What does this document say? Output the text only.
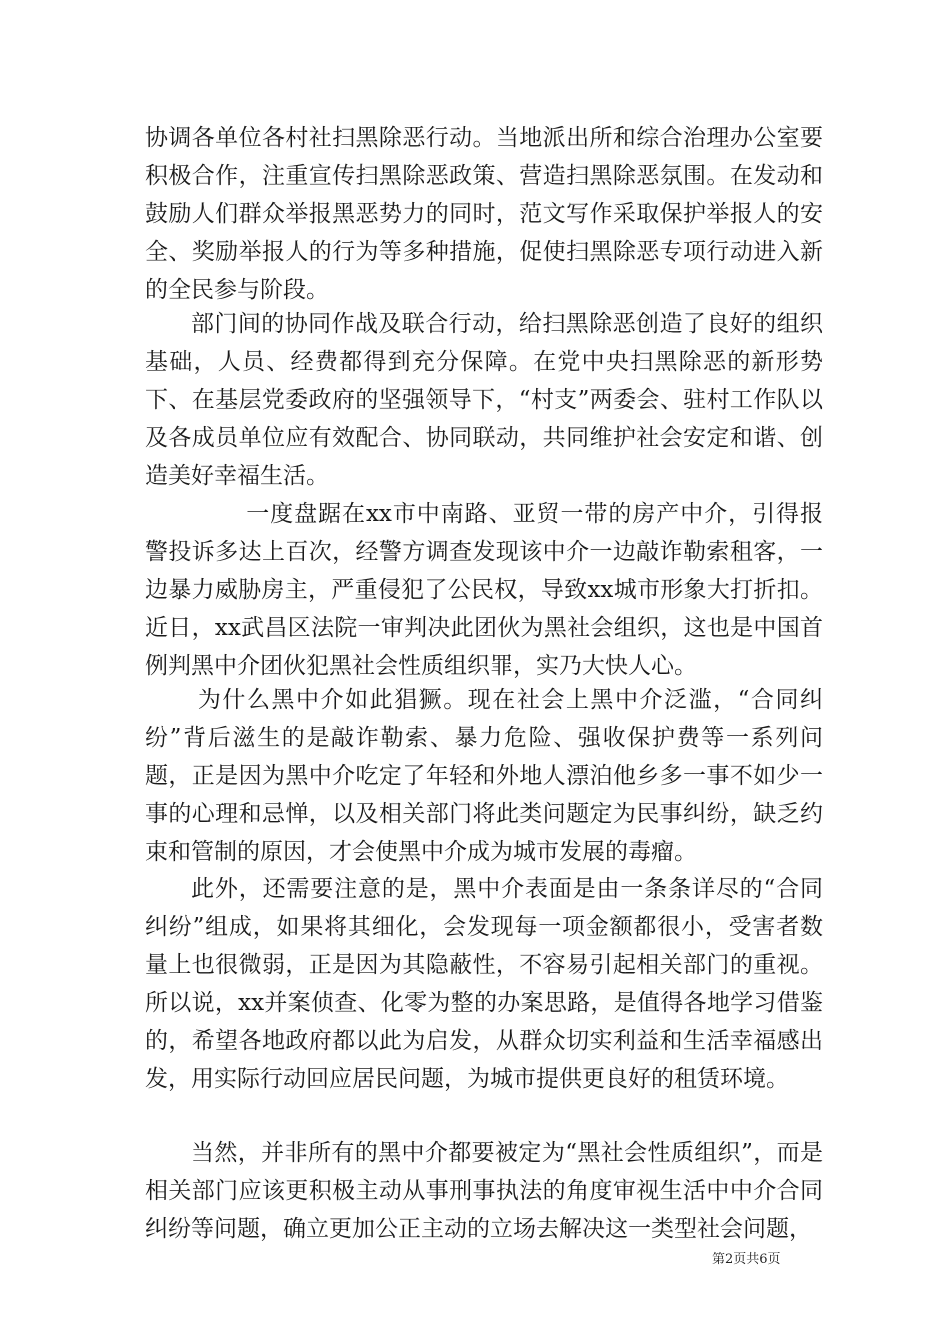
协调各单位各村社扫黑除恶行动。当地派出所和综合治理办公室要积极合作，注重宣传扫黑除恶政策、营造扫黑除恶氛围。在发动和鼓励人们群众举报黑恶势力的同时，范文写作采取保护举报人的安全、奖励举报人的行为等多种措施，促使扫黑除恶专项行动进入新的全民参与阶段。

部门间的协同作战及联合行动，给扫黑除恶创造了良好的组织基础，人员、经费都得到充分保障。在党中央扫黑除恶的新形势下、在基层党委政府的坚强领导下，“村支”两委会、驻村工作队以及各成员单位应有效配合、协同联动，共同维护社会安定和谐、创造美好幸福生活。

一度盘踞在xx市中南路、亚贸一带的房产中介，引得报警投诉多达上百次，经警方调查发现该中介一边敲诈勒索租客，一边暴力威胁房主，严重侵犯了公民权，导致xx城市形象大打折扣。近日，xx武昌区法院一审判决此团伙为黑社会组织，这也是中国首例判黑中介团伙犯黑社会性质组织罪，实乃大快人心。

为什么黑中介如此猖獗。现在社会上黑中介泛滥，“合同纠纷”背后滋生的是敲诈勒索、暴力危险、强收保护费等一系列问题，正是因为黑中介吃定了年轻和外地人漂泊他乡多一事不如少一事的心理和忌惮，以及相关部门将此类问题定为民事纠纷，缺乏约束和管制的原因，才会使黑中介成为城市发展的毒瘤。

此外，还需要注意的是，黑中介表面是由一条条详尽的“合同纠纷”组成，如果将其细化，会发现每一项金额都很小，受害者数量上也很微弱，正是因为其隐蔽性，不容易引起相关部门的重视。所以说，xx并案侦查、化零为整的办案思路，是值得各地学习借鉴的，希望各地政府都以此为启发，从群众切实利益和生活幸福感出发，用实际行动回应居民问题，为城市提供更良好的租赁环境。

当然，并非所有的黑中介都要被定为“黑社会性质组织”，而是相关部门应该更积极主动从事刑事执法的角度审视生活中中介合同纠纷等问题，确立更加公正主动的立场去解决这一类型社会问题，

第2页共6页
